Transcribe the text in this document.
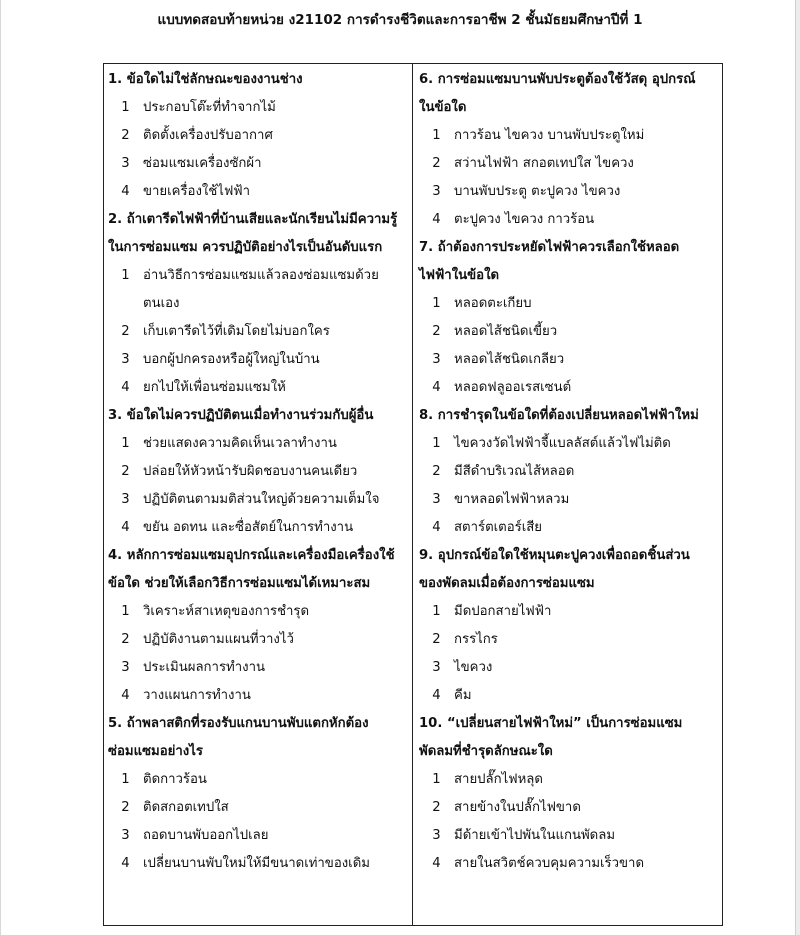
แบบทดสอบท้ายหน่วย ง21102 การดำรงชีวิตและการอาชีพ 2 ชั้นมัธยมศึกษาปีที่ 1
1. ข้อใดไม่ใช่ลักษณะของงานช่าง
1	ประกอบโต๊ะที่ทำจากไม้
2	ติดตั้งเครื่องปรับอากาศ
3	ซ่อมแซมเครื่องซักผ้า
4	ขายเครื่องใช้ไฟฟ้า
2. ถ้าเตารีดไฟฟ้าที่บ้านเสียและนักเรียนไม่มีความรู้
ในการซ่อมแซม ควรปฏิบัติอย่างไรเป็นอันดับแรก
1	อ่านวิธีการซ่อมแซมแล้วลองซ่อมแซมด้วย
ตนเอง
2	เก็บเตารีดไว้ที่เดิมโดยไม่บอกใคร
3	บอกผู้ปกครองหรือผู้ใหญ่ในบ้าน
4	ยกไปให้เพื่อนซ่อมแซมให้
3. ข้อใดไม่ควรปฏิบัติตนเมื่อทำงานร่วมกับผู้อื่น
1	ช่วยแสดงความคิดเห็นเวลาทำงาน
2	ปล่อยให้หัวหน้ารับผิดชอบงานคนเดียว
3	ปฏิบัติตนตามมติส่วนใหญ่ด้วยความเต็มใจ
4	ขยัน อดทน และซื่อสัตย์ในการทำงาน
4. หลักการซ่อมแซมอุปกรณ์และเครื่องมือเครื่องใช้
ข้อใด ช่วยให้เลือกวิธีการซ่อมแซมได้เหมาะสม
1	วิเคราะห์สาเหตุของการชำรุด
2	ปฏิบัติงานตามแผนที่วางไว้
3	ประเมินผลการทำงาน
4	วางแผนการทำงาน
5. ถ้าพลาสติกที่รองรับแกนบานพับแตกหักต้อง
ซ่อมแซมอย่างไร
1	ติดกาวร้อน
2	ติดสกอตเทปใส
3	ถอดบานพับออกไปเลย
4	เปลี่ยนบานพับใหม่ให้มีขนาดเท่าของเดิม
6. การซ่อมแซมบานพับประตูต้องใช้วัสดุ อุปกรณ์
ในข้อใด
1	กาวร้อน ไขควง บานพับประตูใหม่
2	สว่านไฟฟ้า สกอตเทปใส ไขควง
3	บานพับประตู ตะปูควง ไขควง
4	ตะปูควง ไขควง กาวร้อน
7. ถ้าต้องการประหยัดไฟฟ้าควรเลือกใช้หลอด
ไฟฟ้าในข้อใด
1	หลอดตะเกียบ
2	หลอดไส้ชนิดเขี้ยว
3	หลอดไส้ชนิดเกลียว
4	หลอดฟลูออเรสเซนต์
8. การชำรุดในข้อใดที่ต้องเปลี่ยนหลอดไฟฟ้าใหม่
1	ไขควงวัดไฟฟ้าจี้แบลลัสต์แล้วไฟไม่ติด
2	มีสีดำบริเวณไส้หลอด
3	ขาหลอดไฟฟ้าหลวม
4	สตาร์ตเตอร์เสีย
9. อุปกรณ์ข้อใดใช้หมุนตะปูควงเพื่อถอดชิ้นส่วน
ของพัดลมเมื่อต้องการซ่อมแซม
1	มีดปอกสายไฟฟ้า
2	กรรไกร
3	ไขควง
4	คีม
10. “เปลี่ยนสายไฟฟ้าใหม่” เป็นการซ่อมแซม
พัดลมที่ชำรุดลักษณะใด
1	สายปลั๊กไฟหลุด
2	สายข้างในปลั๊กไฟขาด
3	มีด้ายเข้าไปพันในแกนพัดลม
4	สายในสวิตช์ควบคุมความเร็วขาด
